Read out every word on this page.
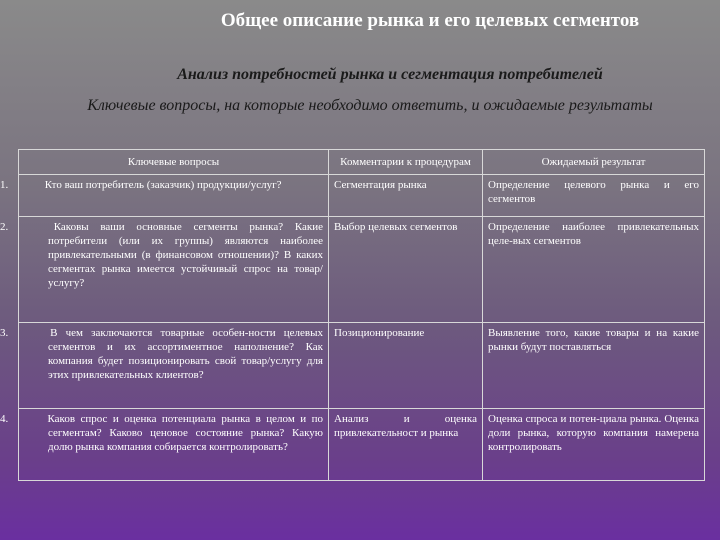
Общее описание рынка и его целевых сегментов
Анализ потребностей рынка и сегментация потребителей
Ключевые вопросы, на которые необходимо ответить, и ожидаемые результаты
Ключевые вопросы	Комментарии к процедурам	Ожидаемый результат

1. Кто ваш потребитель (заказчик) продукции/услуг?	Сегментация рынка	Определение целевого рынка и его сегментов

2. Каковы ваши основные сегменты рынка? Какие потребители (или их группы) являются наиболее привлекательными (в финансовом отношении)? В каких сегментах рынка имеется устойчивый спрос на товар/ услугу?	Выбор целевых сегментов	Определение наиболее привлекательных целе-вых сегментов

3. В чем заключаются товарные особен-ности целевых сегментов и их ассортиментное наполнение? Как компания будет позиционировать свой товар/услугу для этих привлекательных клиентов?	Позиционирование	Выявление того, какие товары и на какие рынки будут поставляться

4. Каков спрос и оценка потенциала рынка в целом и по сегментам? Каково ценовое состояние рынка? Какую долю рынка компания собирается контролировать?	Анализ и оценка привлекательност и рынка	Оценка спроса и потен-циала рынка. Оценка доли рынка, которую компания намерена контролировать
